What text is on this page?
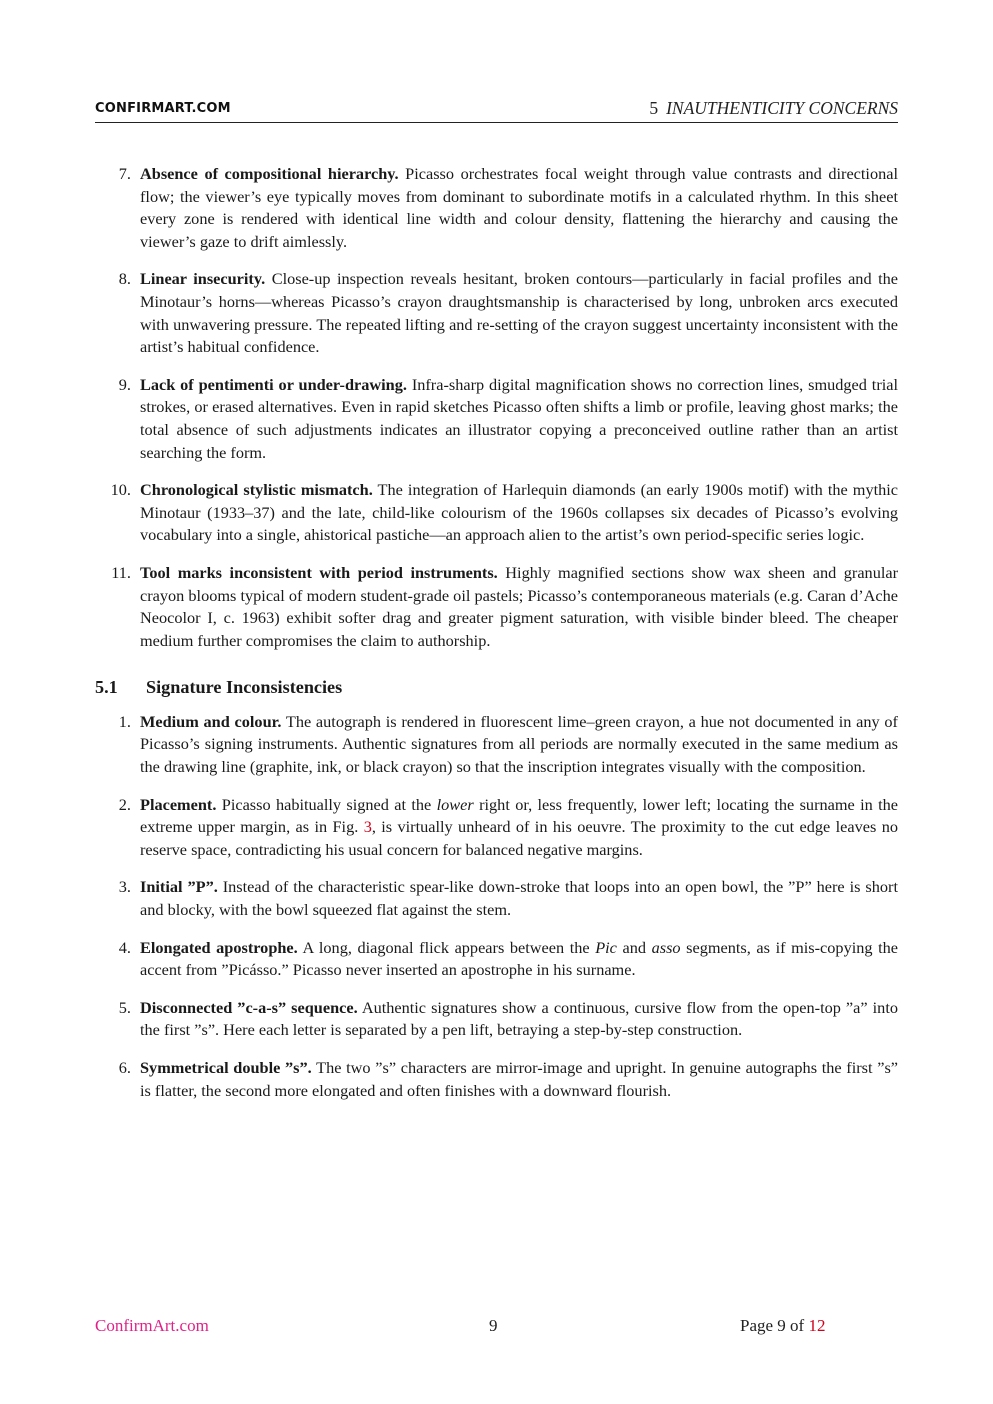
CONFIRMART.COM	5 INAUTHENTICITY CONCERNS
7. Absence of compositional hierarchy. Picasso orchestrates focal weight through value contrasts and directional flow; the viewer’s eye typically moves from dominant to subordinate motifs in a calculated rhythm. In this sheet every zone is rendered with identical line width and colour density, flattening the hierarchy and causing the viewer’s gaze to drift aimlessly.
8. Linear insecurity. Close-up inspection reveals hesitant, broken contours—particularly in facial profiles and the Minotaur’s horns—whereas Picasso’s crayon draughtsmanship is characterised by long, unbroken arcs executed with unwavering pressure. The repeated lifting and re-setting of the crayon suggest uncertainty inconsistent with the artist’s habitual confidence.
9. Lack of pentimenti or under-drawing. Infra-sharp digital magnification shows no correction lines, smudged trial strokes, or erased alternatives. Even in rapid sketches Picasso often shifts a limb or profile, leaving ghost marks; the total absence of such adjustments indicates an illustrator copying a preconceived outline rather than an artist searching the form.
10. Chronological stylistic mismatch. The integration of Harlequin diamonds (an early 1900s motif) with the mythic Minotaur (1933–37) and the late, child-like colourism of the 1960s collapses six decades of Picasso’s evolving vocabulary into a single, ahistorical pastiche—an approach alien to the artist’s own period-specific series logic.
11. Tool marks inconsistent with period instruments. Highly magnified sections show wax sheen and granular crayon blooms typical of modern student-grade oil pastels; Picasso’s contemporaneous materials (e.g. Caran d’Ache Neocolor I, c. 1963) exhibit softer drag and greater pigment saturation, with visible binder bleed. The cheaper medium further compromises the claim to authorship.
5.1 Signature Inconsistencies
1. Medium and colour. The autograph is rendered in fluorescent lime–green crayon, a hue not documented in any of Picasso’s signing instruments. Authentic signatures from all periods are normally executed in the same medium as the drawing line (graphite, ink, or black crayon) so that the inscription integrates visually with the composition.
2. Placement. Picasso habitually signed at the lower right or, less frequently, lower left; locating the surname in the extreme upper margin, as in Fig. 3, is virtually unheard of in his oeuvre. The proximity to the cut edge leaves no reserve space, contradicting his usual concern for balanced negative margins.
3. Initial ”P”. Instead of the characteristic spear-like down-stroke that loops into an open bowl, the ”P” here is short and blocky, with the bowl squeezed flat against the stem.
4. Elongated apostrophe. A long, diagonal flick appears between the Pic and asso segments, as if mis-copying the accent from ”Picásso.” Picasso never inserted an apostrophe in his surname.
5. Disconnected ”c-a-s” sequence. Authentic signatures show a continuous, cursive flow from the open-top ”a” into the first ”s”. Here each letter is separated by a pen lift, betraying a step-by-step construction.
6. Symmetrical double ”s”. The two ”s” characters are mirror-image and upright. In genuine autographs the first ”s” is flatter, the second more elongated and often finishes with a downward flourish.
ConfirmArt.com	9	Page 9 of 12
